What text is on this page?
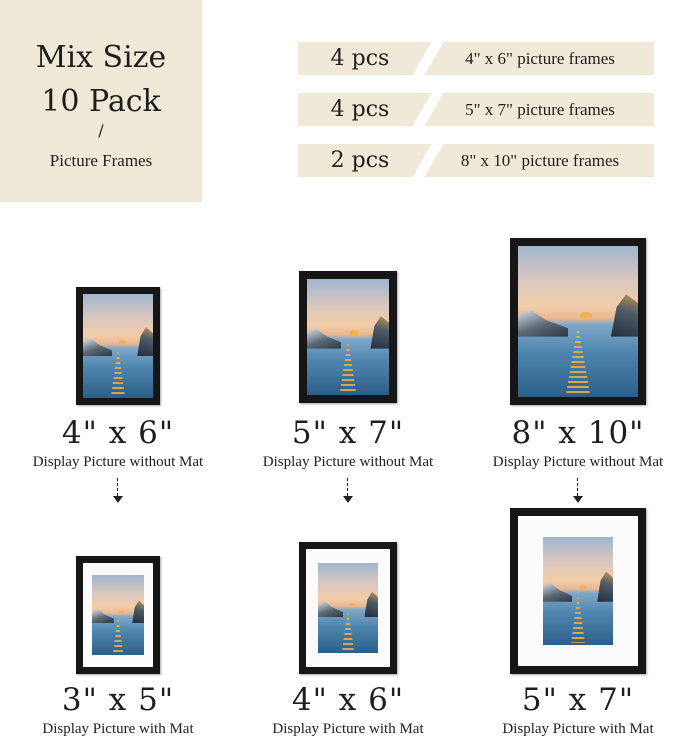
Mix Size
10 Pack
/
Picture Frames
4 pcs	4" x 6" picture frames
4 pcs	5" x 7" picture frames
2 pcs	8" x 10" picture frames
4" x 6"	5" x 7"	8" x 10"
Display Picture without Mat	Display Picture without Mat	Display Picture without Mat
3" x 5"	4" x 6"	5" x 7"
Display Picture with Mat	Display Picture with Mat	Display Picture with Mat
